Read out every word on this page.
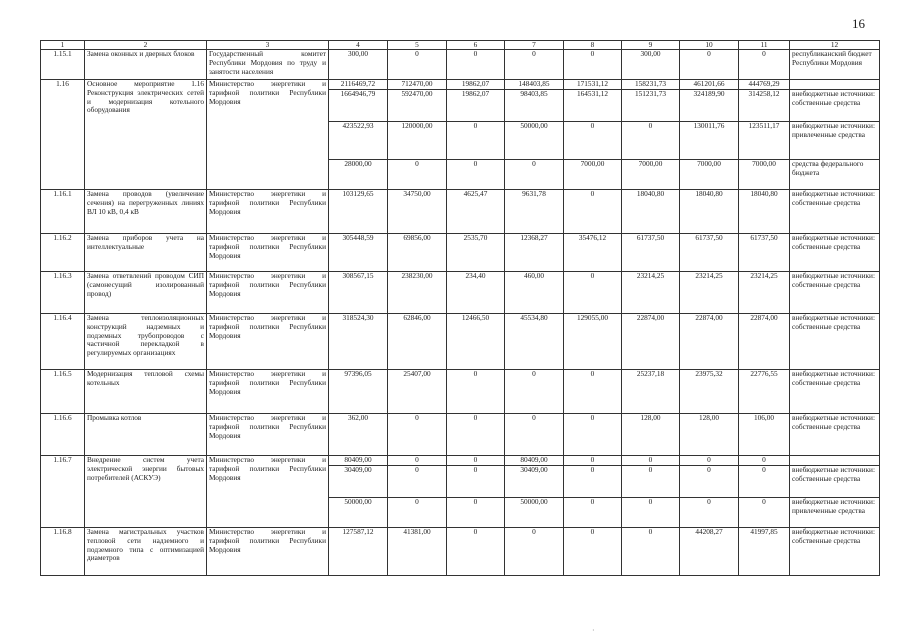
16
1	2	3	4	5	6	7	8	9	10	11	12
1.15.1	Замена оконных и дверных блоков	Государственный комитет Республики Мордовия по труду и занятости населения	300,00	0	0	0	0	300,00	0	0	республиканский бюджет Республики Мордовия
1.16	Основное мероприятие 1.16 Реконструкция электрических сетей и модернизация котельного оборудования	Министерство энергетики и тарифной политики Республики Мордовия	2116469,72	712470,00	19862,07	148403,85	171531,12	158231,73	461201,66	444769,29	
			1664946,79	592470,00	19862,07	98403,85	164531,12	151231,73	324189,90	314258,12	внебюджетные источники: собственные средства
			423522,93	120000,00	0	50000,00	0	0	130011,76	123511,17	внебюджетные источники: привлеченные средства
			28000,00	0	0	0	7000,00	7000,00	7000,00	7000,00	средства федерального бюджета
1.16.1	Замена проводов (увеличение сечения) на перегруженных линиях ВЛ 10 кВ, 0,4 кВ	Министерство энергетики и тарифной политики Республики Мордовия	103129,65	34750,00	4625,47	9631,78	0	18040,80	18040,80	18040,80	внебюджетные источники: собственные средства
1.16.2	Замена приборов учета на интеллектуальные	Министерство энергетики и тарифной политики Республики Мордовия	305448,59	69856,00	2535,70	12368,27	35476,12	61737,50	61737,50	61737,50	внебюджетные источники: собственные средства
1.16.3	Замена ответвлений проводом СИП (самонесущий изолированный провод)	Министерство энергетики и тарифной политики Республики Мордовия	308567,15	238230,00	234,40	460,00	0	23214,25	23214,25	23214,25	внебюджетные источники: собственные средства
1.16.4	Замена теплоизоляционных конструкций надземных и подземных трубопроводов с частичной перекладкой в регулируемых организациях	Министерство энергетики и тарифной политики Республики Мордовия	318524,30	62846,00	12466,50	45534,80	129055,00	22874,00	22874,00	22874,00	внебюджетные источники: собственные средства
1.16.5	Модернизация тепловой схемы котельных	Министерство энергетики и тарифной политики Республики Мордовия	97396,05	25407,00	0	0	0	25237,18	23975,32	22776,55	внебюджетные источники: собственные средства
1.16.6	Промывка котлов	Министерство энергетики и тарифной политики Республики Мордовия	362,00	0	0	0	0	128,00	128,00	106,00	внебюджетные источники: собственные средства
1.16.7	Внедрение систем учета электрической энергии бытовых потребителей (АСКУЭ)	Министерство энергетики и тарифной политики Республики Мордовия	80409,00	0	0	80409,00	0	0	0	0	
			30409,00	0	0	30409,00	0	0	0	0	внебюджетные источники: собственные средства
			50000,00	0	0	50000,00	0	0	0	0	внебюджетные источники: привлеченные средства
1.16.8	Замена магистральных участков тепловой сети надземного и подземного типа с оптимизацией диаметров	Министерство энергетики и тарифной политики Республики Мордовия	127587,12	41381,00	0	0	0	0	44208,27	41997,85	внебюджетные источники: собственные средства
·
